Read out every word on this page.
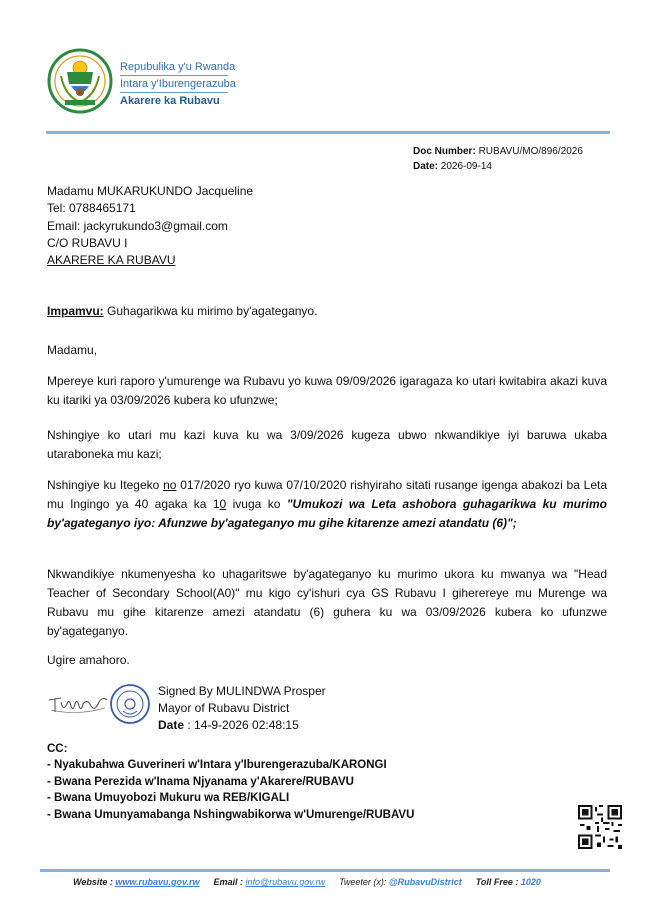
Repubulika y'u Rwanda
Intara y'Iburengerazuba
Akarere ka Rubavu
Doc Number: RUBAVU/MO/896/2026
Date: 2026-09-14
Madamu MUKARUKUNDO Jacqueline
Tel: 0788465171
Email: jackyrukundo3@gmail.com
C/O RUBAVU I
AKARERE KA RUBAVU
Impamvu: Guhagarikwa ku mirimo by'agateganyo.
Madamu,
Mpereye kuri raporo y'umurenge wa Rubavu yo kuwa 09/09/2026 igaragaza ko utari kwitabira akazi kuva ku itariki ya 03/09/2026 kubera ko ufunzwe;
Nshingiye ko utari mu kazi kuva ku wa 3/09/2026 kugeza ubwo nkwandikiye iyi baruwa ukaba utaraboneka mu kazi;
Nshingiye ku Itegeko no 017/2020 ryo kuwa 07/10/2020 rishyiraho sitati rusange igenga abakozi ba Leta mu Ingingo ya 40 agaka ka 10 ivuga ko "Umukozi wa Leta ashobora guhagarikwa ku murimo by'agateganyo iyo: Afunzwe by'agateganyo mu gihe kitarenze amezi atandatu (6)";
Nkwandikiye nkumenyesha ko uhagaritswe by'agateganyo ku murimo ukora ku mwanya wa "Head Teacher of Secondary School(A0)" mu kigo cy'ishuri cya GS Rubavu I giherereye mu Murenge wa Rubavu mu gihe kitarenze amezi atandatu (6) guhera ku wa 03/09/2026 kubera ko ufunzwe by'agateganyo.
Ugire amahoro.
Signed By MULINDWA Prosper
Mayor of Rubavu District
Date : 14-9-2026 02:48:15
CC:
- Nyakubahwa Guverineri w'Intara y'Iburengerazuba/KARONGI
- Bwana Perezida w'Inama Njyanama y'Akarere/RUBAVU
- Bwana Umuyobozi Mukuru wa REB/KIGALI
- Bwana Umunyamabanga Nshingwabikorwa w'Umurenge/RUBAVU
Website : www.rubavu.gov.rw Email : info@rubavu.gov.rw Tweeter (x): @RubavuDistrict Toll Free : 1020
